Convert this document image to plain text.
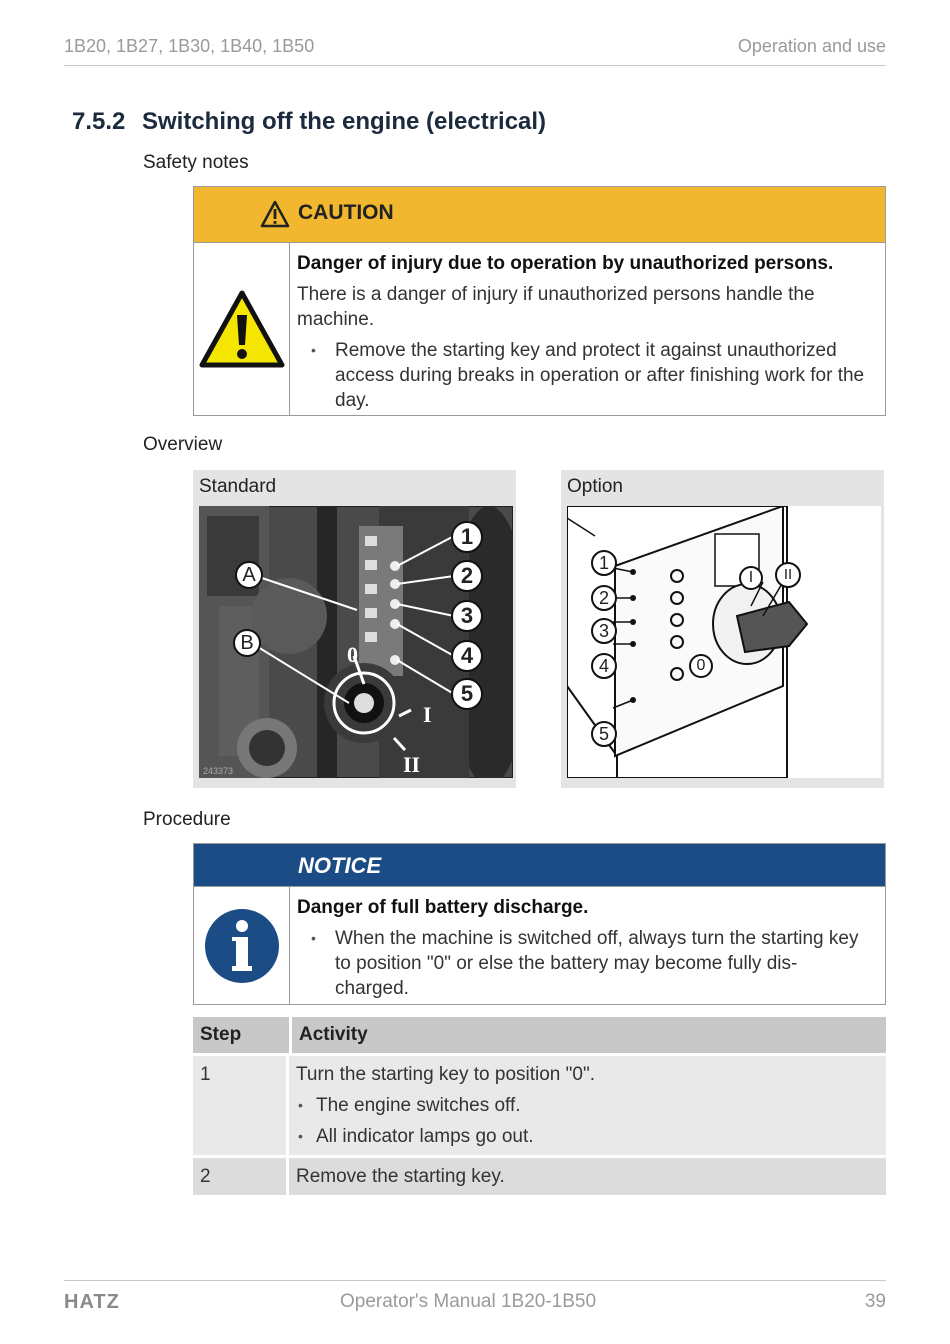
1B20, 1B27, 1B30, 1B40, 1B50	Operation and use
7.5.2 Switching off the engine (electrical)
Safety notes
CAUTION
Danger of injury due to operation by unauthorized persons.
There is a danger of injury if unauthorized persons handle the machine.
• Remove the starting key and protect it against unauthorized access during breaks in operation or after finishing work for the day.
Overview
Standard
A
B
1
2
3
4
5
0
I
II
243373
Option
1
2
3
4
5
0
I	II
Procedure
NOTICE
Danger of full battery discharge.
• When the machine is switched off, always turn the starting key to position "0" or else the battery may become fully dis-charged.
Step	Activity
1	Turn the starting key to position "0".
• The engine switches off.
• All indicator lamps go out.
2	Remove the starting key.
HATZ	Operator's Manual 1B20-1B50	39
